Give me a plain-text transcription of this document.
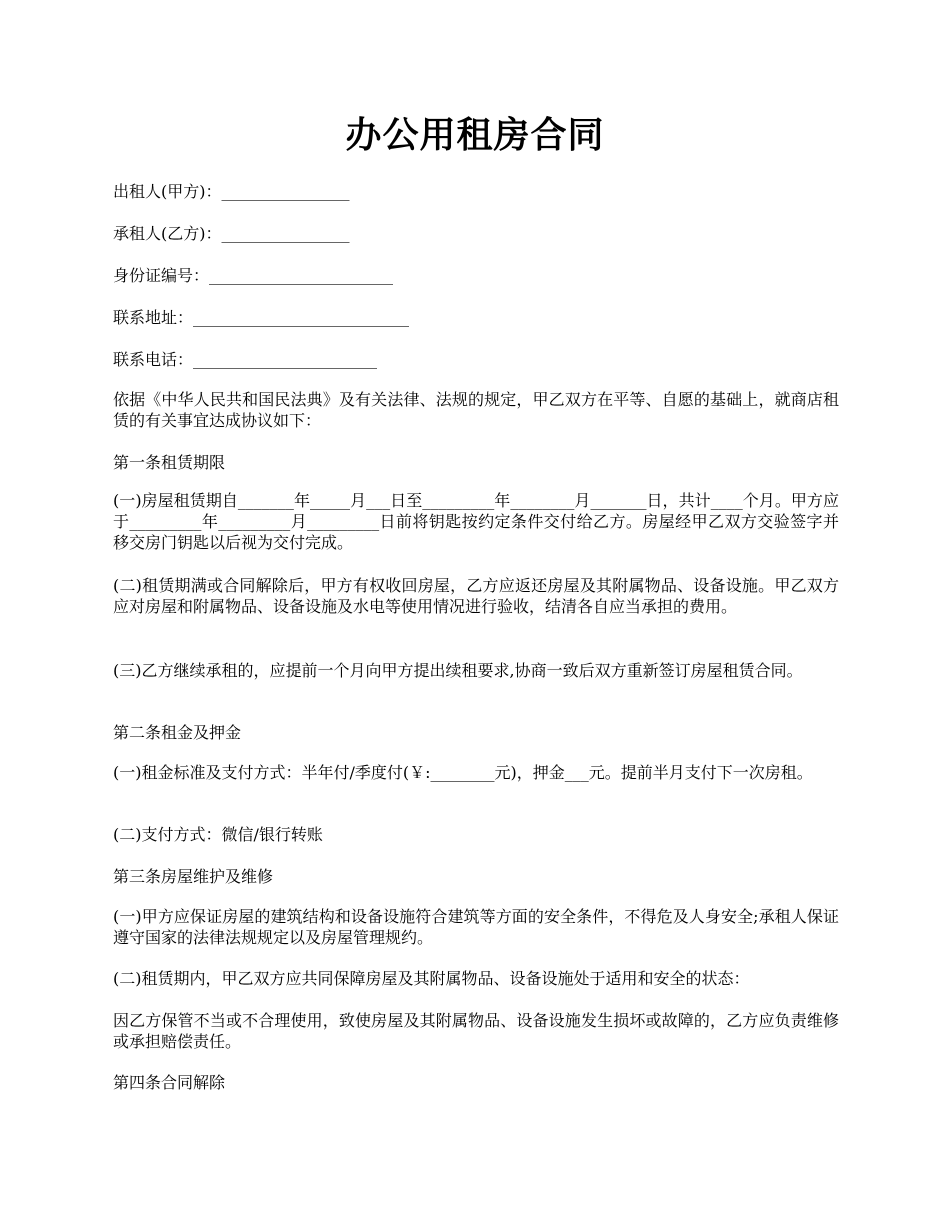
办公用租房合同

出租人(甲方)：________________

承租人(乙方)：________________

身份证编号：_______________________

联系地址：___________________________

联系电话：_______________________

依据《中华人民共和国民法典》及有关法律、法规的规定，甲乙双方在平等、自愿的基础上，就商店租赁的有关事宜达成协议如下：

第一条租赁期限

(一)房屋租赁期自_______年_____月___日至_________年________月_______日，共计____个月。甲方应于_________年_________月_________日前将钥匙按约定条件交付给乙方。房屋经甲乙双方交验签字并移交房门钥匙以后视为交付完成。

(二)租赁期满或合同解除后，甲方有权收回房屋，乙方应返还房屋及其附属物品、设备设施。甲乙双方应对房屋和附属物品、设备设施及水电等使用情况进行验收，结清各自应当承担的费用。

(三)乙方继续承租的，应提前一个月向甲方提出续租要求,协商一致后双方重新签订房屋租赁合同。

第二条租金及押金

(一)租金标准及支付方式：半年付/季度付(￥:________元)，押金___元。提前半月支付下一次房租。

(二)支付方式：微信/银行转账

第三条房屋维护及维修

(一)甲方应保证房屋的建筑结构和设备设施符合建筑等方面的安全条件，不得危及人身安全;承租人保证遵守国家的法律法规规定以及房屋管理规约。

(二)租赁期内，甲乙双方应共同保障房屋及其附属物品、设备设施处于适用和安全的状态：

因乙方保管不当或不合理使用，致使房屋及其附属物品、设备设施发生损坏或故障的，乙方应负责维修或承担赔偿责任。

第四条合同解除
